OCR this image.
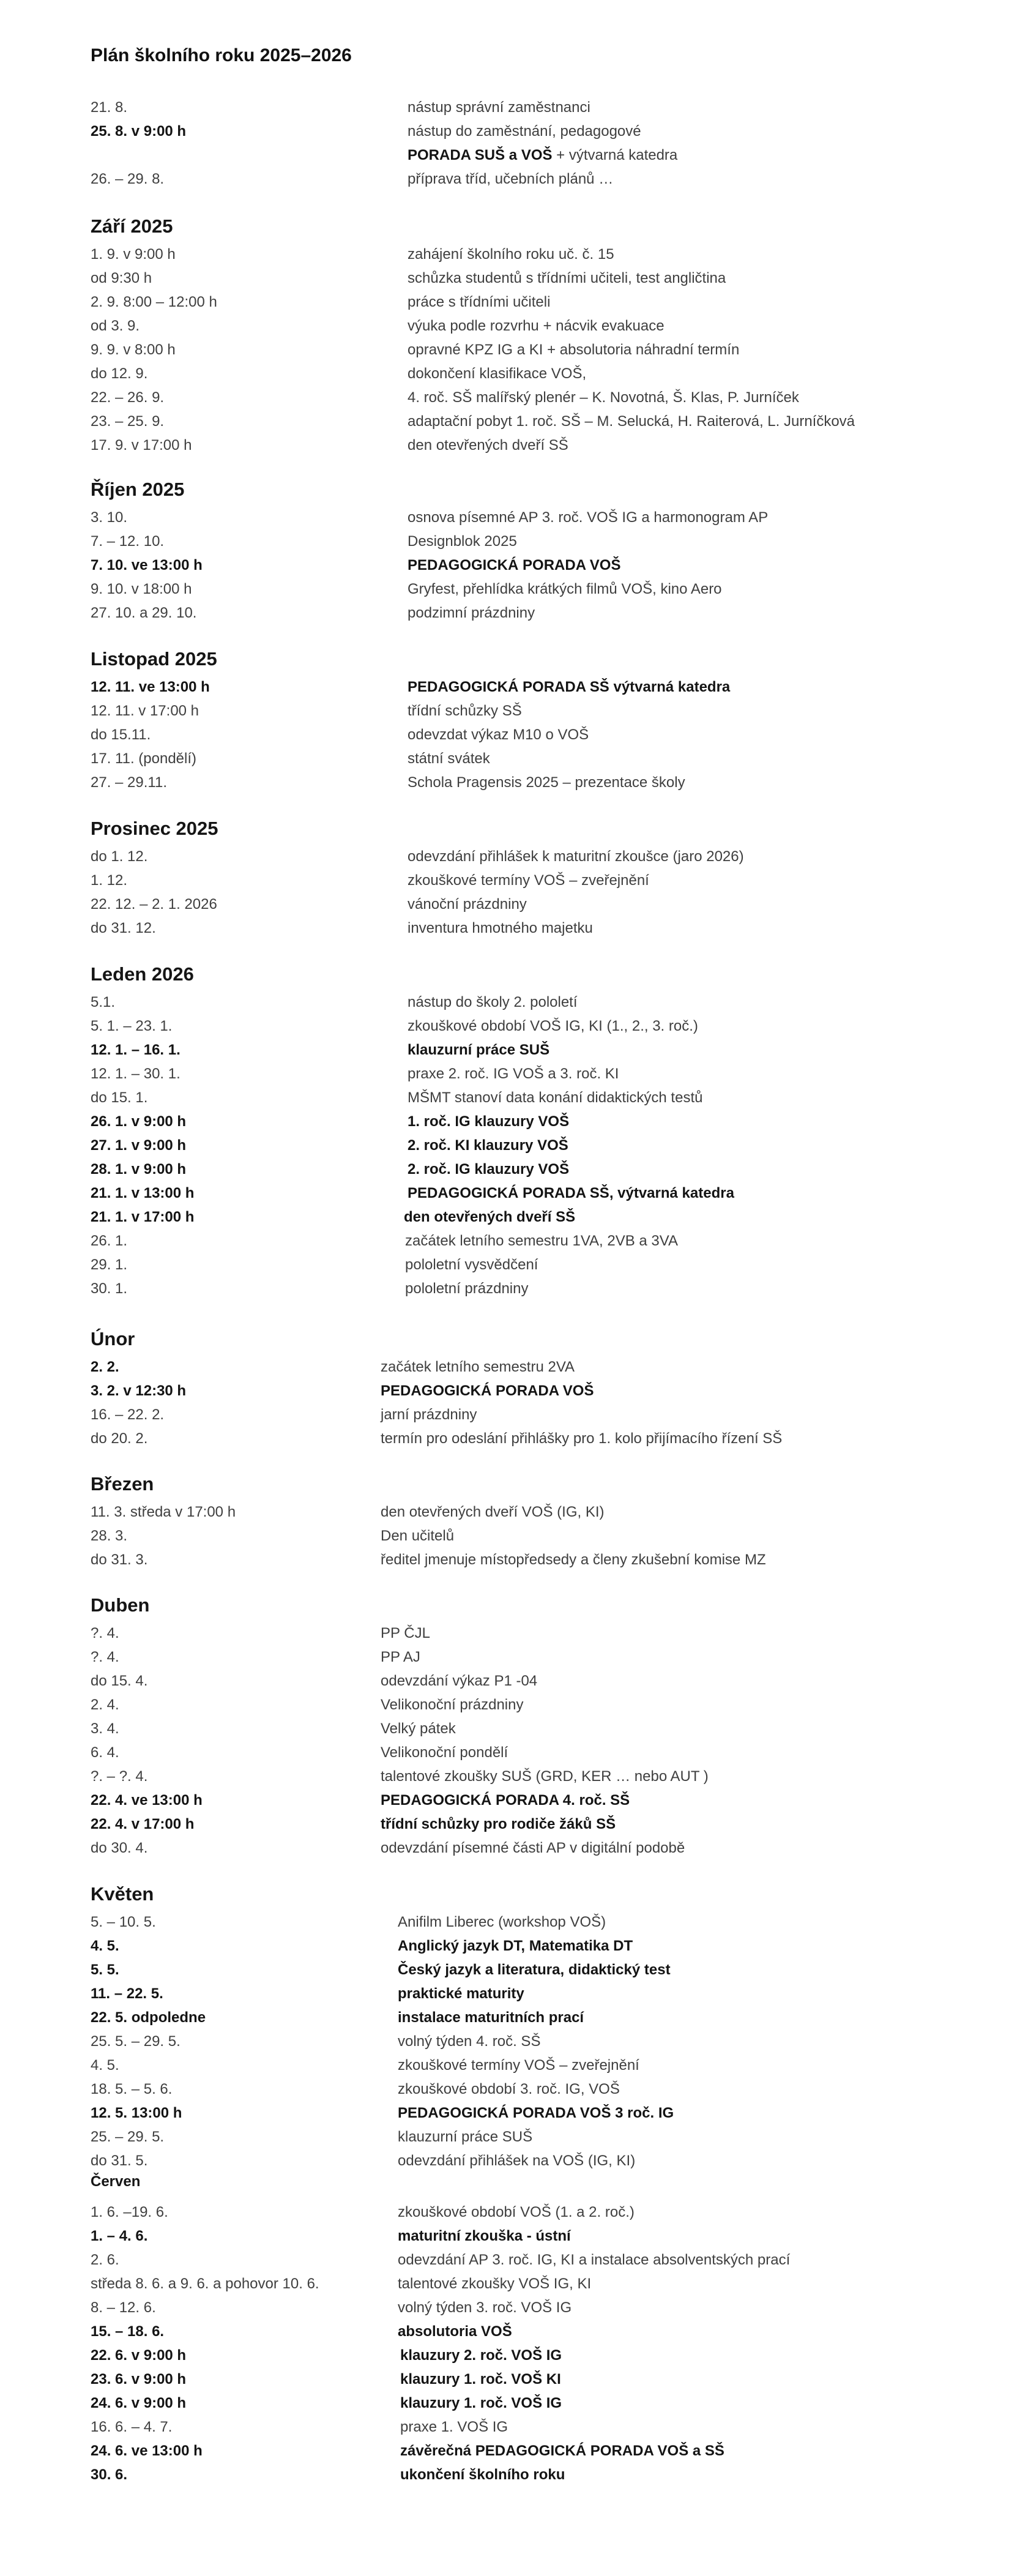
Plán školního roku 2025–2026
21. 8.	nástup správní zaměstnanci
25. 8. v 9:00 h	nástup do zaměstnání, pedagogové
PORADA SUŠ a VOŠ + výtvarná katedra
26. – 29. 8.	příprava tříd, učebních plánů …
Září 2025
1. 9. v 9:00 h	zahájení školního roku uč. č. 15
od 9:30 h	schůzka studentů s třídními učiteli, test angličtina
2. 9. 8:00 – 12:00 h	práce s třídními učiteli
od 3. 9.	výuka podle rozvrhu + nácvik evakuace
9. 9. v 8:00 h	opravné KPZ IG a KI + absolutoria náhradní termín
do 12. 9.	dokončení klasifikace VOŠ,
22. – 26. 9.	4. roč. SŠ malířský plenér – K. Novotná, Š. Klas, P. Jurníček
23. – 25. 9.	adaptační pobyt 1. roč. SŠ – M. Selucká, H. Raiterová, L. Jurníčková
17. 9. v 17:00 h	den otevřených dveří SŠ
Říjen 2025
3. 10.	osnova písemné AP 3. roč. VOŠ IG a harmonogram AP
7. – 12. 10.	Designblok 2025
7. 10. ve 13:00 h	PEDAGOGICKÁ PORADA VOŠ
9. 10. v 18:00 h	Gryfest, přehlídka krátkých filmů VOŠ, kino Aero
27. 10. a 29. 10.	podzimní prázdniny
Listopad 2025
12. 11. ve 13:00 h	PEDAGOGICKÁ PORADA SŠ výtvarná katedra
12. 11. v 17:00 h	třídní schůzky SŠ
do 15.11.	odevzdat výkaz M10 o VOŠ
17. 11. (pondělí)	státní svátek
27. – 29.11.	Schola Pragensis 2025 – prezentace školy
Prosinec 2025
do 1. 12.	odevzdání přihlášek k maturitní zkoušce (jaro 2026)
1. 12.	zkouškové termíny VOŠ – zveřejnění
22. 12. – 2. 1. 2026	vánoční prázdniny
do 31. 12.	inventura hmotného majetku
Leden 2026
5.1.	nástup do školy 2. pololetí
5. 1. – 23. 1.	zkouškové období VOŠ IG, KI (1., 2., 3. roč.)
12. 1. – 16. 1.	klauzurní práce SUŠ
12. 1. – 30. 1.	praxe 2. roč. IG VOŠ a 3. roč. KI
do 15. 1.	MŠMT stanoví data konání didaktických testů
26. 1. v 9:00 h	1. roč. IG klauzury VOŠ
27. 1. v 9:00 h	2. roč. KI klauzury VOŠ
28. 1. v 9:00 h	2. roč. IG klauzury VOŠ
21. 1. v 13:00 h	PEDAGOGICKÁ PORADA SŠ, výtvarná katedra
21. 1. v 17:00 h	den otevřených dveří SŠ
26. 1.	začátek letního semestru 1VA, 2VB a 3VA
29. 1.	pololetní vysvědčení
30. 1.	pololetní prázdniny
Únor
2. 2.	začátek letního semestru 2VA
3. 2. v 12:30 h	PEDAGOGICKÁ PORADA VOŠ
16. – 22. 2.	jarní prázdniny
do 20. 2.	termín pro odeslání přihlášky pro 1. kolo přijímacího řízení SŠ
Březen
11. 3. středa v 17:00 h	den otevřených dveří VOŠ (IG, KI)
28. 3.	Den učitelů
do 31. 3.	ředitel jmenuje místopředsedy a členy zkušební komise MZ
Duben
?. 4.	PP ČJL
?. 4.	PP AJ
do 15. 4.	odevzdání výkaz P1 -04
2. 4.	Velikonoční prázdniny
3. 4.	Velký pátek
6. 4.	Velikonoční pondělí
?. – ?. 4.	talentové zkoušky SUŠ (GRD, KER … nebo AUT )
22. 4. ve 13:00 h	PEDAGOGICKÁ PORADA 4. roč. SŠ
22. 4. v 17:00 h	třídní schůzky pro rodiče žáků SŠ
do 30. 4.	odevzdání písemné části AP v digitální podobě
Květen
5. – 10. 5.	Anifilm Liberec (workshop VOŠ)
4. 5.	Anglický jazyk DT, Matematika DT
5. 5.	Český jazyk a literatura, didaktický test
11. – 22. 5.	praktické maturity
22. 5. odpoledne	instalace maturitních prací
25. 5. – 29. 5.	volný týden 4. roč. SŠ
4. 5.	zkouškové termíny VOŠ – zveřejnění
18. 5. – 5. 6.	zkouškové období 3. roč. IG, VOŠ
12. 5. 13:00 h	PEDAGOGICKÁ PORADA VOŠ 3 roč. IG
25. – 29. 5.	klauzurní práce SUŠ
do 31. 5.	odevzdání přihlášek na VOŠ (IG, KI)
Červen
1. 6. –19. 6.	zkouškové období VOŠ (1. a 2. roč.)
1. – 4. 6.	maturitní zkouška - ústní
2. 6.	odevzdání AP 3. roč. IG, KI a instalace absolventských prací
středa 8. 6. a 9. 6. a pohovor 10. 6.	talentové zkoušky VOŠ IG, KI
8. – 12. 6.	volný týden 3. roč. VOŠ IG
15. – 18. 6.	absolutoria VOŠ
22. 6. v 9:00 h	klauzury 2. roč. VOŠ IG
23. 6. v 9:00 h	klauzury 1. roč. VOŠ KI
24. 6. v 9:00 h	klauzury 1. roč. VOŠ IG
16. 6. – 4. 7.	praxe 1. VOŠ IG
24. 6. ve 13:00 h	závěrečná PEDAGOGICKÁ PORADA VOŠ a SŠ
30. 6.	ukončení školního roku
